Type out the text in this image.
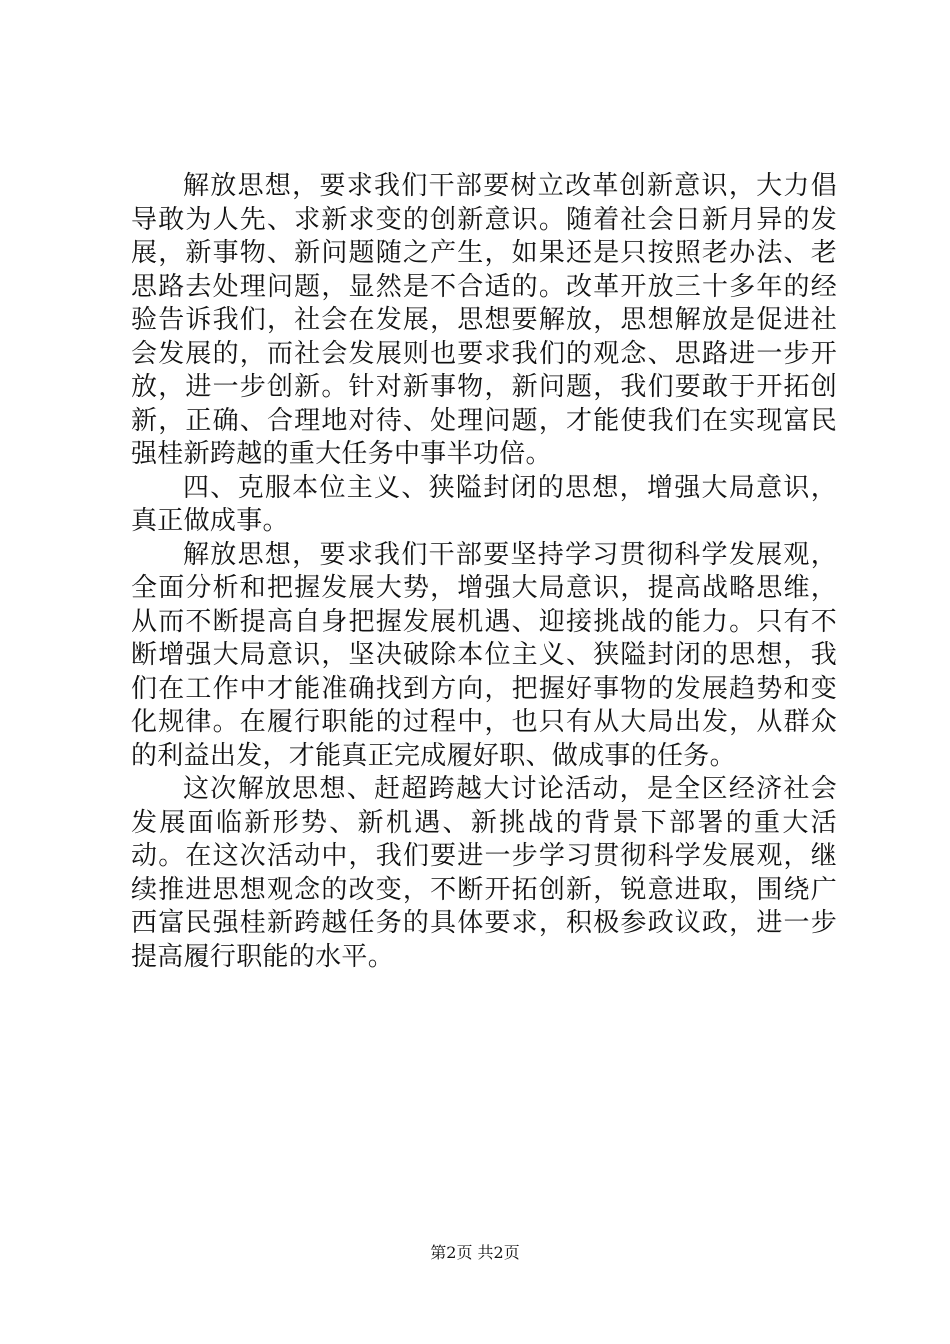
解放思想，要求我们干部要树立改革创新意识，大力倡导敢为人先、求新求变的创新意识。随着社会日新月异的发展，新事物、新问题随之产生，如果还是只按照老办法、老思路去处理问题，显然是不合适的。改革开放三十多年的经验告诉我们，社会在发展，思想要解放，思想解放是促进社会发展的，而社会发展则也要求我们的观念、思路进一步开放，进一步创新。针对新事物，新问题，我们要敢于开拓创新，正确、合理地对待、处理问题，才能使我们在实现富民强桂新跨越的重大任务中事半功倍。

四、克服本位主义、狭隘封闭的思想，增强大局意识，真正做成事。

解放思想，要求我们干部要坚持学习贯彻科学发展观，全面分析和把握发展大势，增强大局意识，提高战略思维，从而不断提高自身把握发展机遇、迎接挑战的能力。只有不断增强大局意识，坚决破除本位主义、狭隘封闭的思想，我们在工作中才能准确找到方向，把握好事物的发展趋势和变化规律。在履行职能的过程中，也只有从大局出发，从群众的利益出发，才能真正完成履好职、做成事的任务。

这次解放思想、赶超跨越大讨论活动，是全区经济社会发展面临新形势、新机遇、新挑战的背景下部署的重大活动。在这次活动中，我们要进一步学习贯彻科学发展观，继续推进思想观念的改变，不断开拓创新，锐意进取，围绕广西富民强桂新跨越任务的具体要求，积极参政议政，进一步提高履行职能的水平。

第2页 共2页
